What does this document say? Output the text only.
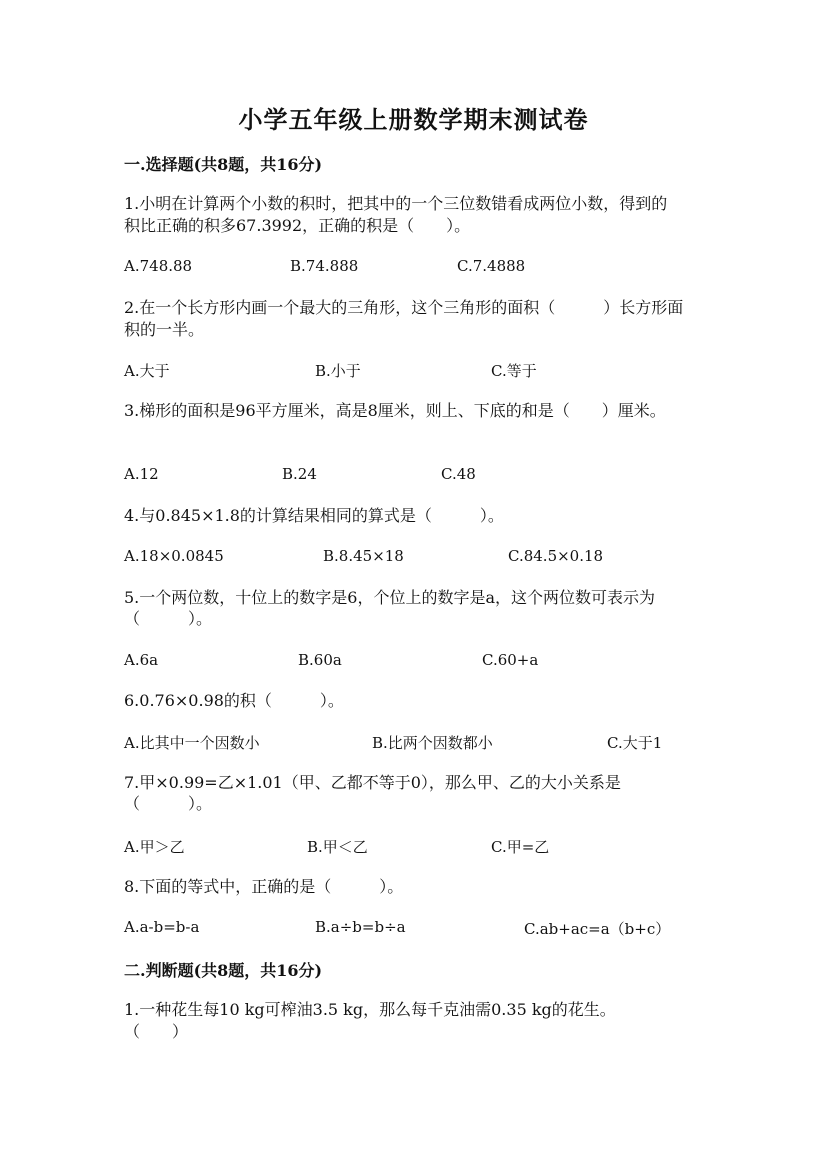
小学五年级上册数学期末测试卷
一.选择题(共8题，共16分)
1.小明在计算两个小数的积时，把其中的一个三位数错看成两位小数，得到的
积比正确的积多67.3992，正确的积是（　　）。
A.748.88	B.74.888	C.7.4888
2.在一个长方形内画一个最大的三角形，这个三角形的面积（　　　）长方形面
积的一半。
A.大于	B.小于	C.等于
3.梯形的面积是96平方厘米，高是8厘米，则上、下底的和是（　　）厘米。
A.12	B.24	C.48
4.与0.845×1.8的计算结果相同的算式是（　　　）。
A.18×0.0845	B.8.45×18	C.84.5×0.18
5.一个两位数，十位上的数字是6，个位上的数字是a，这个两位数可表示为
（　　　）。
A.6a	B.60a	C.60+a
6.0.76×0.98的积（　　　）。
A.比其中一个因数小	B.比两个因数都小	C.大于1
7.甲×0.99=乙×1.01（甲、乙都不等于0），那么甲、乙的大小关系是
（　　　）。
A.甲＞乙	B.甲＜乙	C.甲=乙
8.下面的等式中，正确的是（　　　）。
A.a-b=b-a	B.a÷b=b÷a	C.ab+ac=a（b+c）
二.判断题(共8题，共16分)
1.一种花生每10 kg可榨油3.5 kg，那么每千克油需0.35 kg的花生。
（　　）
